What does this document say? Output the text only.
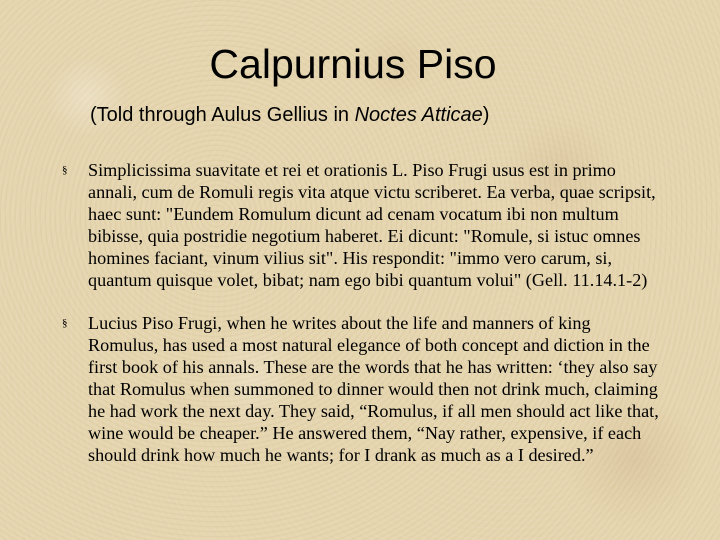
Calpurnius Piso

(Told through Aulus Gellius in Noctes Atticae)

§ Simplicissima suavitate et rei et orationis L. Piso Frugi usus est in primo annali, cum de Romuli regis vita atque victu scriberet. Ea verba, quae scripsit, haec sunt: "Eundem Romulum dicunt ad cenam vocatum ibi non multum bibisse, quia postridie negotium haberet. Ei dicunt: "Romule, si istuc omnes homines faciant, vinum vilius sit". His respondit: "immo vero carum, si, quantum quisque volet, bibat; nam ego bibi quantum volui" (Gell. 11.14.1-2)
§ Lucius Piso Frugi, when he writes about the life and manners of king Romulus, has used a most natural elegance of both concept and diction in the first book of his annals. These are the words that he has written: ‘they also say that Romulus when summoned to dinner would then not drink much, claiming he had work the next day. They said, “Romulus, if all men should act like that, wine would be cheaper.” He answered them, “Nay rather, expensive, if each should drink how much he wants; for I drank as much as a I desired.”
